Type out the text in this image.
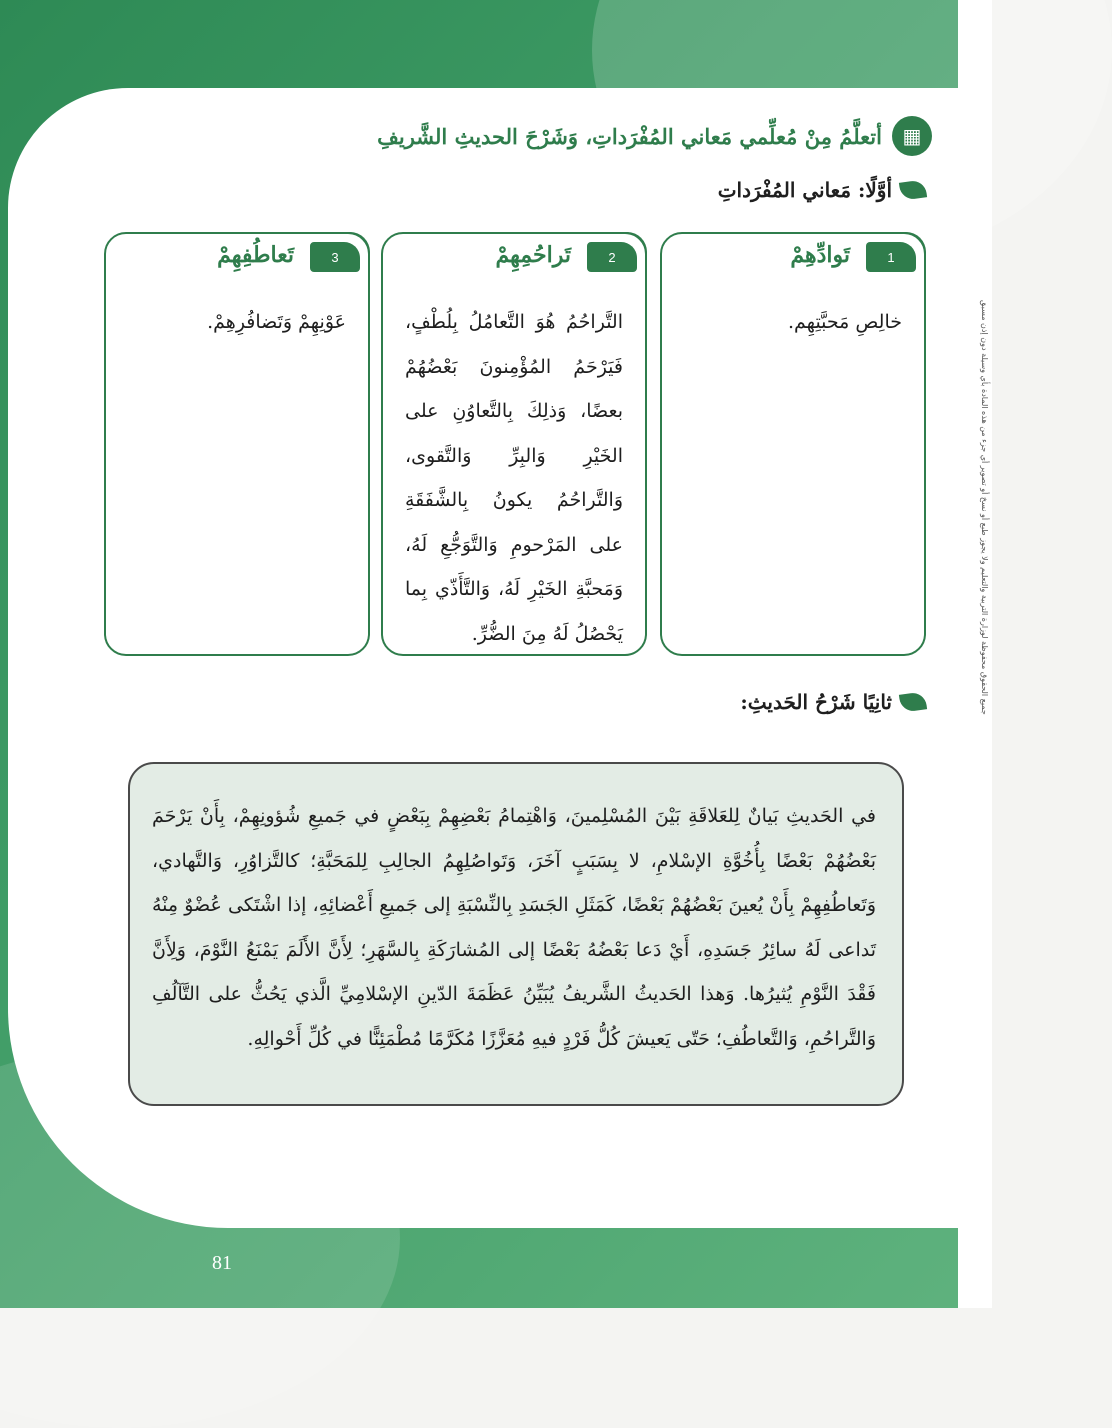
جميع الحقوق محفوظة لوزارة التربية والتعليم ولا يجوز طبع أو نسخ أو تصوير أي جزء من هذه المادة بأي وسيلة دون إذن مسبق
▦
أتعلَّمُ مِنْ مُعلِّمي مَعاني المُفْرَداتِ، وَشَرْحَ الحديثِ الشَّريفِ
أوَّلًا: مَعاني المُفْرَداتِ
1
تَوادِّهِمْ
خالِصِ مَحبَّتِهِم.
2
تَراحُمِهِمْ
التَّراحُمُ هُوَ التَّعامُلُ بِلُطْفٍ، فَيَرْحَمُ المُؤْمِنونَ بَعْضُهُمْ بعضًا، وَذلِكَ بِالتَّعاوُنِ على الخَيْرِ وَالبِرِّ وَالتَّقوى، وَالتَّراحُمُ يكونُ بِالشَّفَقَةِ على المَرْحومِ وَالتَّوَجُّعِ لَهُ، وَمَحبَّةِ الخَيْرِ لَهُ، وَالتَّأَذّي بِما يَحْصُلُ لَهُ مِنَ الضُّرِّ.
3
تَعاطُفِهِمْ
عَوْنِهِمْ وَتَضافُرِهِمْ.
ثانِيًا شَرْحُ الحَديثِ:
في الحَديثِ بَيانٌ لِلعَلاقَةِ بَيْنَ المُسْلِمينَ، وَاهْتِمامُ بَعْضِهِمْ بِبَعْضٍ في جَميعِ شُؤونِهِمْ، بِأَنْ يَرْحَمَ بَعْضُهُمْ بَعْضًا بِأُخُوَّةِ الإسْلامِ، لا بِسَبَبٍ آخَرَ، وَتَواصُلِهِمُ الجالِبِ لِلمَحَبَّةِ؛ كالتَّزاوُرِ، وَالتَّهادي، وَتَعاطُفِهِمْ بِأَنْ يُعينَ بَعْضُهُمْ بَعْضًا، كَمَثَلِ الجَسَدِ بِالنِّسْبَةِ إلى جَميعِ أَعْضائِهِ، إذا اشْتَكى عُضْوٌ مِنْهُ تَداعى لَهُ سائِرُ جَسَدِهِ، أَيْ دَعا بَعْضُهُ بَعْضًا إلى المُشارَكَةِ بِالسَّهَرِ؛ لِأَنَّ الأَلَمَ يَمْنَعُ النَّوْمَ، وَلِأَنَّ فَقْدَ النَّوْمِ يُثيرُها. وَهذا الحَديثُ الشَّريفُ يُبَيِّنُ عَظَمَةَ الدّينِ الإسْلامِيِّ الَّذي يَحُثُّ على التَّآلُفِ وَالتَّراحُمِ، وَالتَّعاطُفِ؛ حَتّى يَعيشَ كُلُّ فَرْدٍ فيهِ مُعَزَّزًا مُكَرَّمًا مُطْمَئِنًّا في كُلِّ أَحْوالِهِ.
81
